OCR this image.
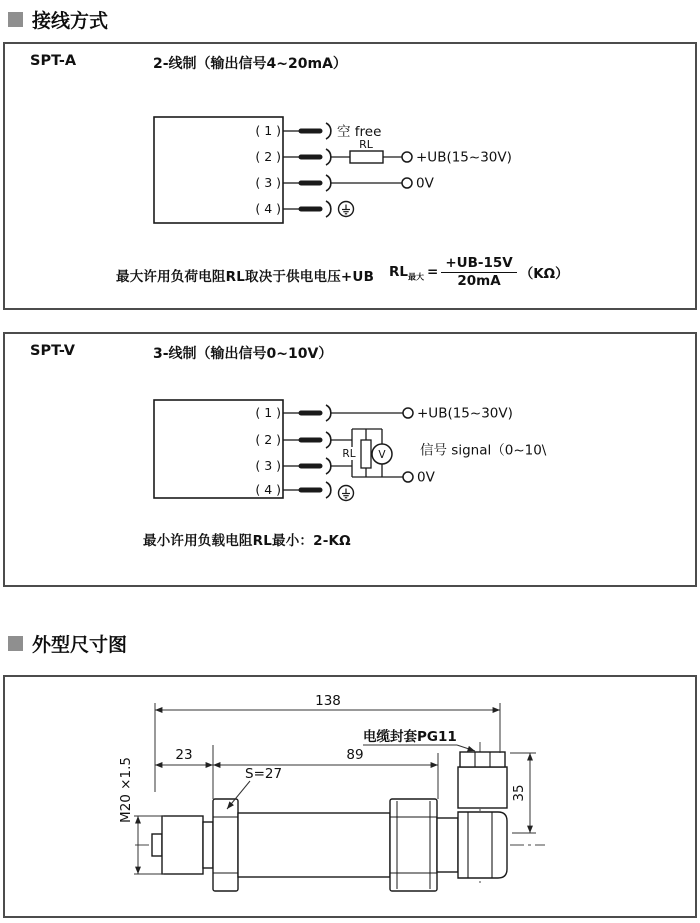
接线方式
SPT-A	2-线制（输出信号4~20mA）
( 1 )
( 2 )
( 3 )
( 4 )
空 free
RL
+UB(15~30V)
0V
最大许用负荷电阻RL取决于供电电压+UB $RL_{最大} = \frac{+UB-15V}{20mA} (K\Omega)$
SPT-V	3-线制（输出信号0~10V）
( 1 )
( 2 )
( 3 )
( 4 )
+UB(15~30V)
RL V	信号 signal（0~10\
0V
最小许用负载电阻RL最小：2-KΩ
外型尺寸图
138
23	89
S=27
M20 ×1.5
电缆封套PG11
35
